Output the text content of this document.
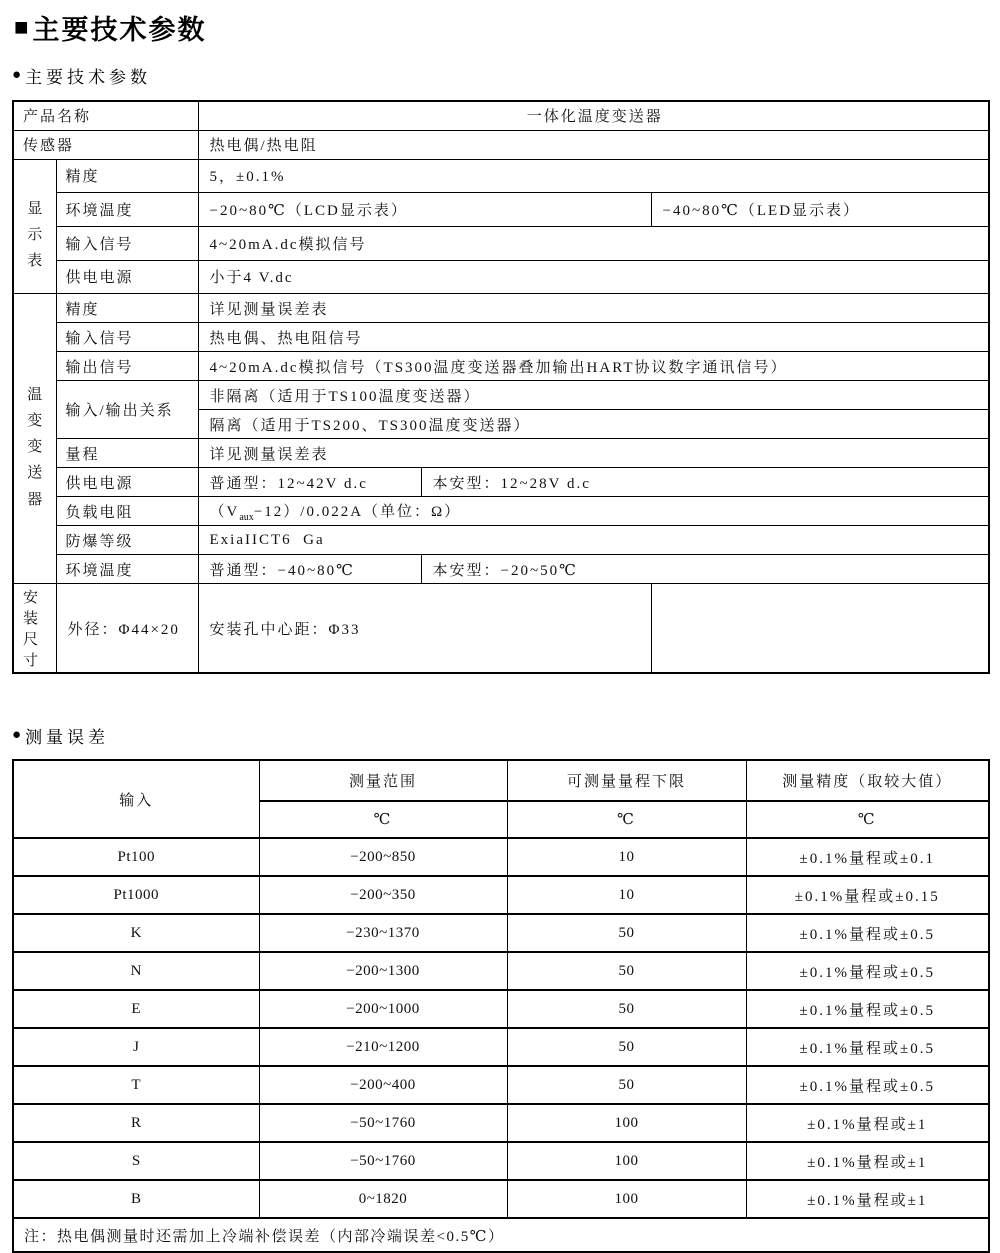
■ 主要技术参数
● 主要技术参数
产品名称		一体化温度变送器		
传感器		热电偶/热电阻		

显示表	精度	5，±0.1%		
	环境温度	−20~80℃（LCD显示表）		−40~80℃（LED显示表）
	输入信号	4~20mA.dc模拟信号		
	供电电源	小于4 V.dc		

温变变送器	精度	详见测量误差表		
	输入信号	热电偶、热电阻信号		
	输出信号	4~20mA.dc模拟信号（TS300温度变送器叠加输出HART协议数字通讯信号）		
	输入/输出关系	非隔离（适用于TS100温度变送器）		
		隔离（适用于TS200、TS300温度变送器）		
	量程	详见测量误差表		
	供电电源	普通型：12~42V d.c	本安型：12~28V d.c	
	负载电阻	$(V_{aux}-12)/0.022A$（单位：Ω）		
	防爆等级	ExiaIICT6  Ga		
	环境温度	普通型：−40~80℃	本安型：−20~50℃	
安装尺寸	外径：Φ44×20	安装孔中心距：Φ33		
● 测量误差
输入	测量范围	可测量量程下限	测量精度（取较大值）
	℃	℃	℃
Pt100	−200~850	10	±0.1%量程或±0.1
Pt1000	−200~350	10	±0.1%量程或±0.15
K	−230~1370	50	±0.1%量程或±0.5
N	−200~1300	50	±0.1%量程或±0.5
E	−200~1000	50	±0.1%量程或±0.5
J	−210~1200	50	±0.1%量程或±0.5
T	−200~400	50	±0.1%量程或±0.5
R	−50~1760	100	±0.1%量程或±1
S	−50~1760	100	±0.1%量程或±1
B	0~1820	100	±0.1%量程或±1
注：热电偶测量时还需加上冷端补偿误差（内部冷端误差<0.5℃）			
